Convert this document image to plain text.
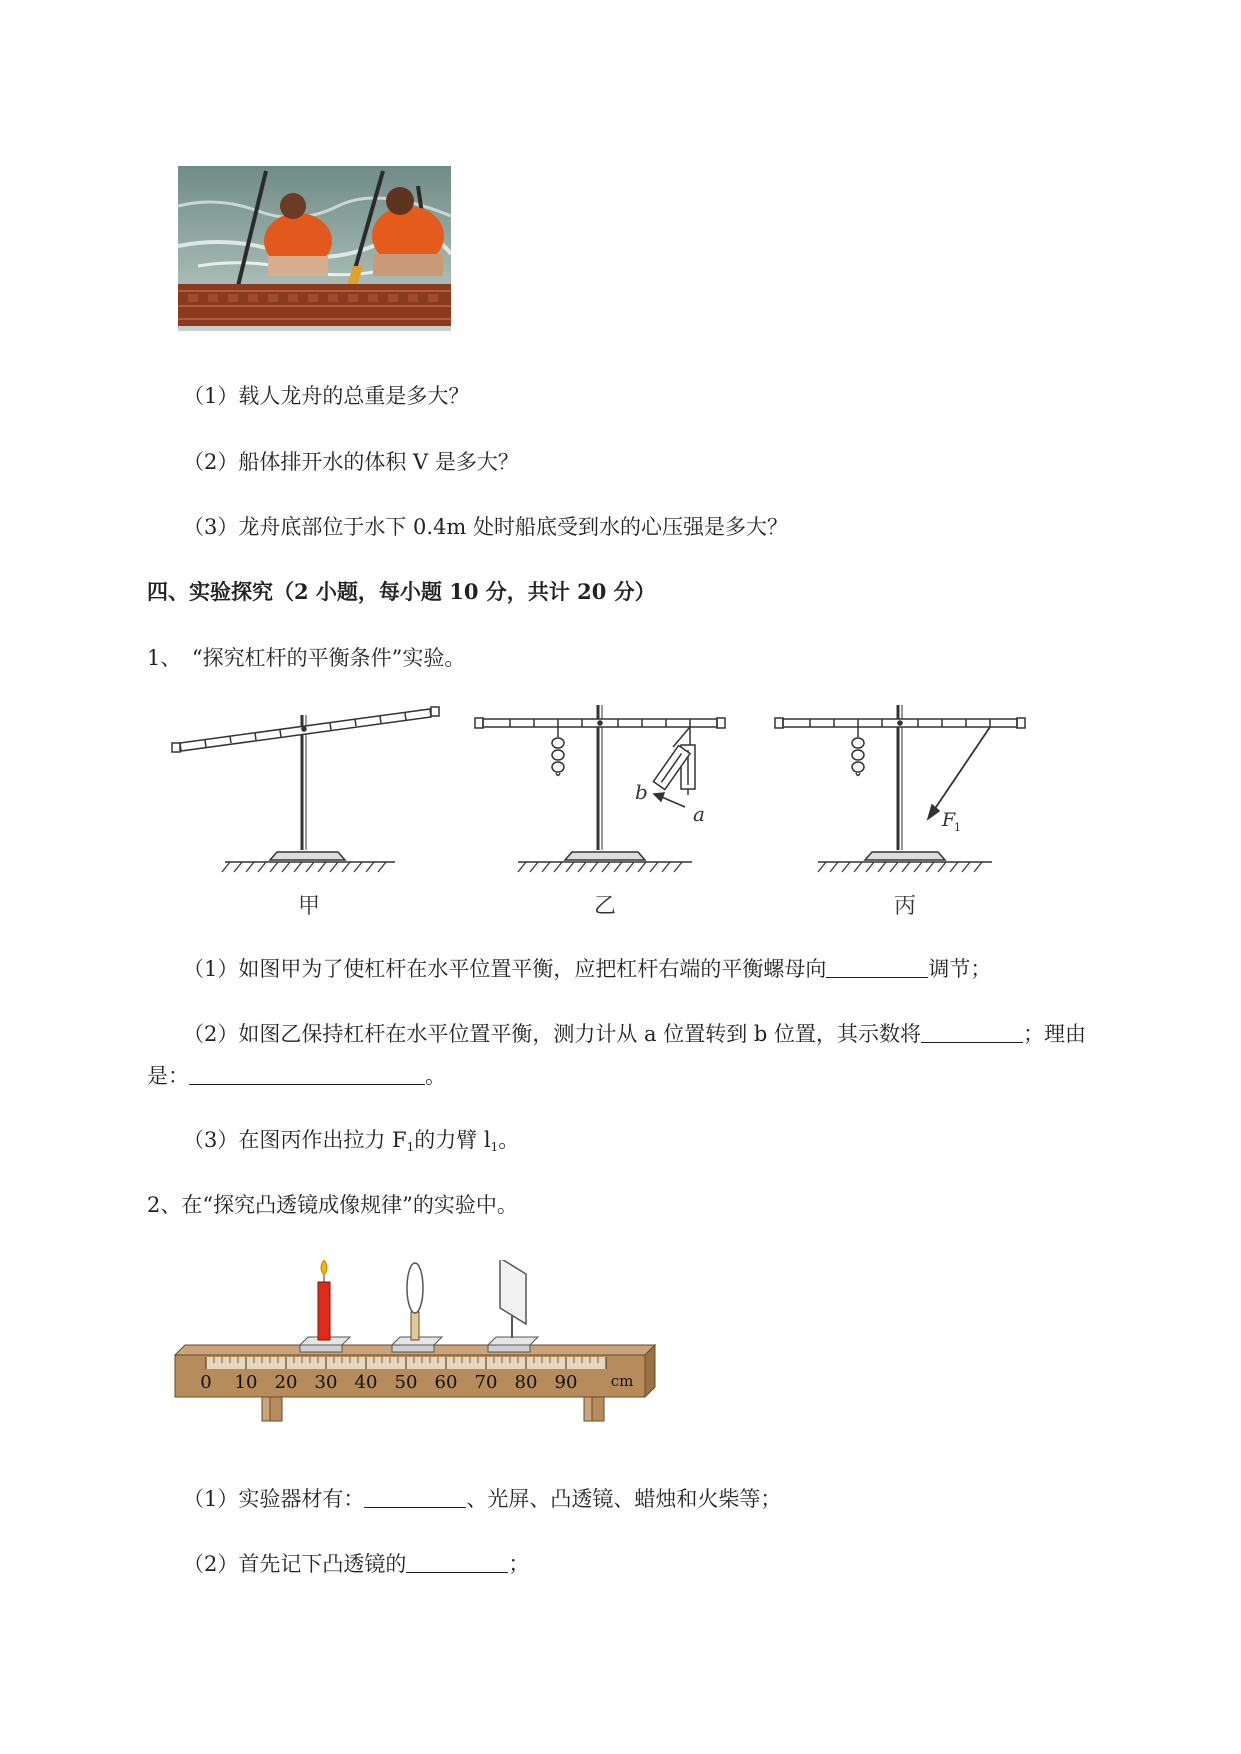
（1）载人龙舟的总重是多大？
（2）船体排开水的体积 V 是多大？
（3）龙舟底部位于水下 0.4m 处时船底受到水的心压强是多大？
四、实验探究（2 小题，每小题 10 分，共计 20 分）
1、　“探究杠杆的平衡条件”实验。
甲	乙	丙
b
a	F
1
（1）如图甲为了使杠杆在水平位置平衡，应把杠杆右端的平衡螺母向	调节；
（2）如图乙保持杠杆在水平位置平衡，测力计从 a 位置转到 b 位置，其示数将	；理由
是：	。
（3）在图丙作出拉力 $F_1$的力臂 $l_1$。
2、在“探究凸透镜成像规律”的实验中。
0 10 20 30 40 50 60 70 80 90 cm
（1）实验器材有：	、光屏、凸透镜、蜡烛和火柴等；
（2）首先记下凸透镜的	；
